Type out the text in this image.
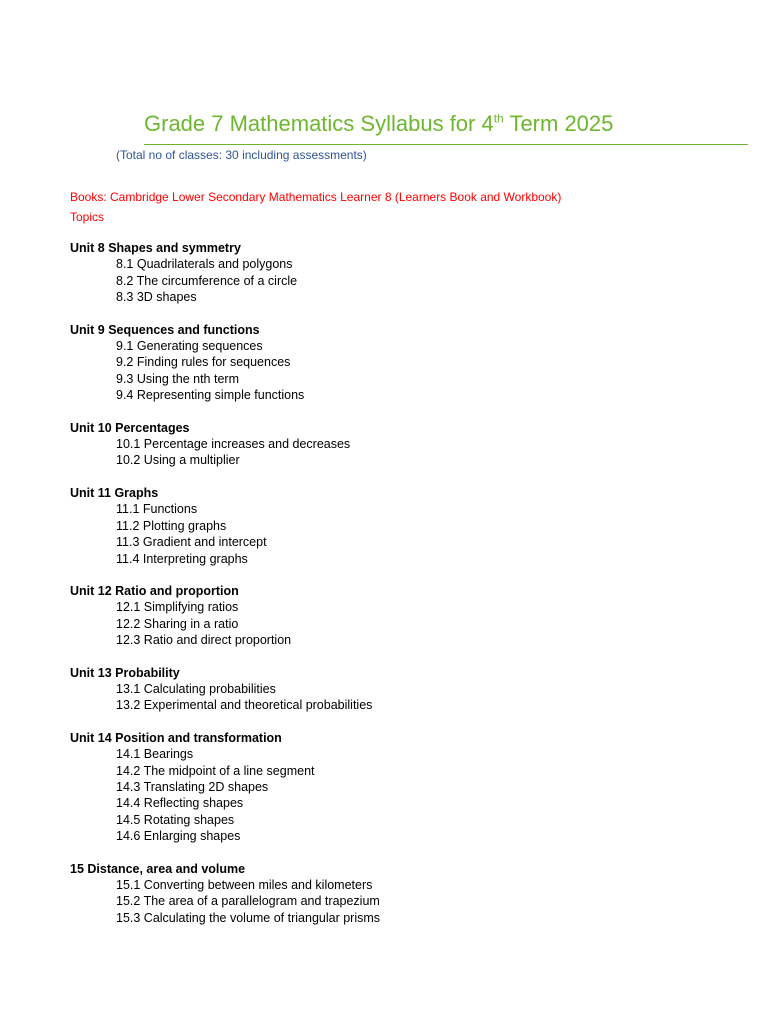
Grade 7 Mathematics Syllabus for 4th Term 2025
(Total no of classes: 30 including assessments)
Books: Cambridge Lower Secondary Mathematics Learner 8 (Learners Book and Workbook)
Topics
Unit 8 Shapes and symmetry
8.1 Quadrilaterals and polygons
8.2 The circumference of a circle
8.3 3D shapes
Unit 9 Sequences and functions
9.1 Generating sequences
9.2 Finding rules for sequences
9.3 Using the nth term
9.4 Representing simple functions
Unit 10 Percentages
10.1 Percentage increases and decreases
10.2 Using a multiplier
Unit 11 Graphs
11.1 Functions
11.2 Plotting graphs
11.3 Gradient and intercept
11.4 Interpreting graphs
Unit 12 Ratio and proportion
12.1 Simplifying ratios
12.2 Sharing in a ratio
12.3 Ratio and direct proportion
Unit 13 Probability
13.1 Calculating probabilities
13.2 Experimental and theoretical probabilities
Unit 14 Position and transformation
14.1 Bearings
14.2 The midpoint of a line segment
14.3 Translating 2D shapes
14.4 Reflecting shapes
14.5 Rotating shapes
14.6 Enlarging shapes
15 Distance, area and volume
15.1 Converting between miles and kilometers
15.2 The area of a parallelogram and trapezium
15.3 Calculating the volume of triangular prisms
